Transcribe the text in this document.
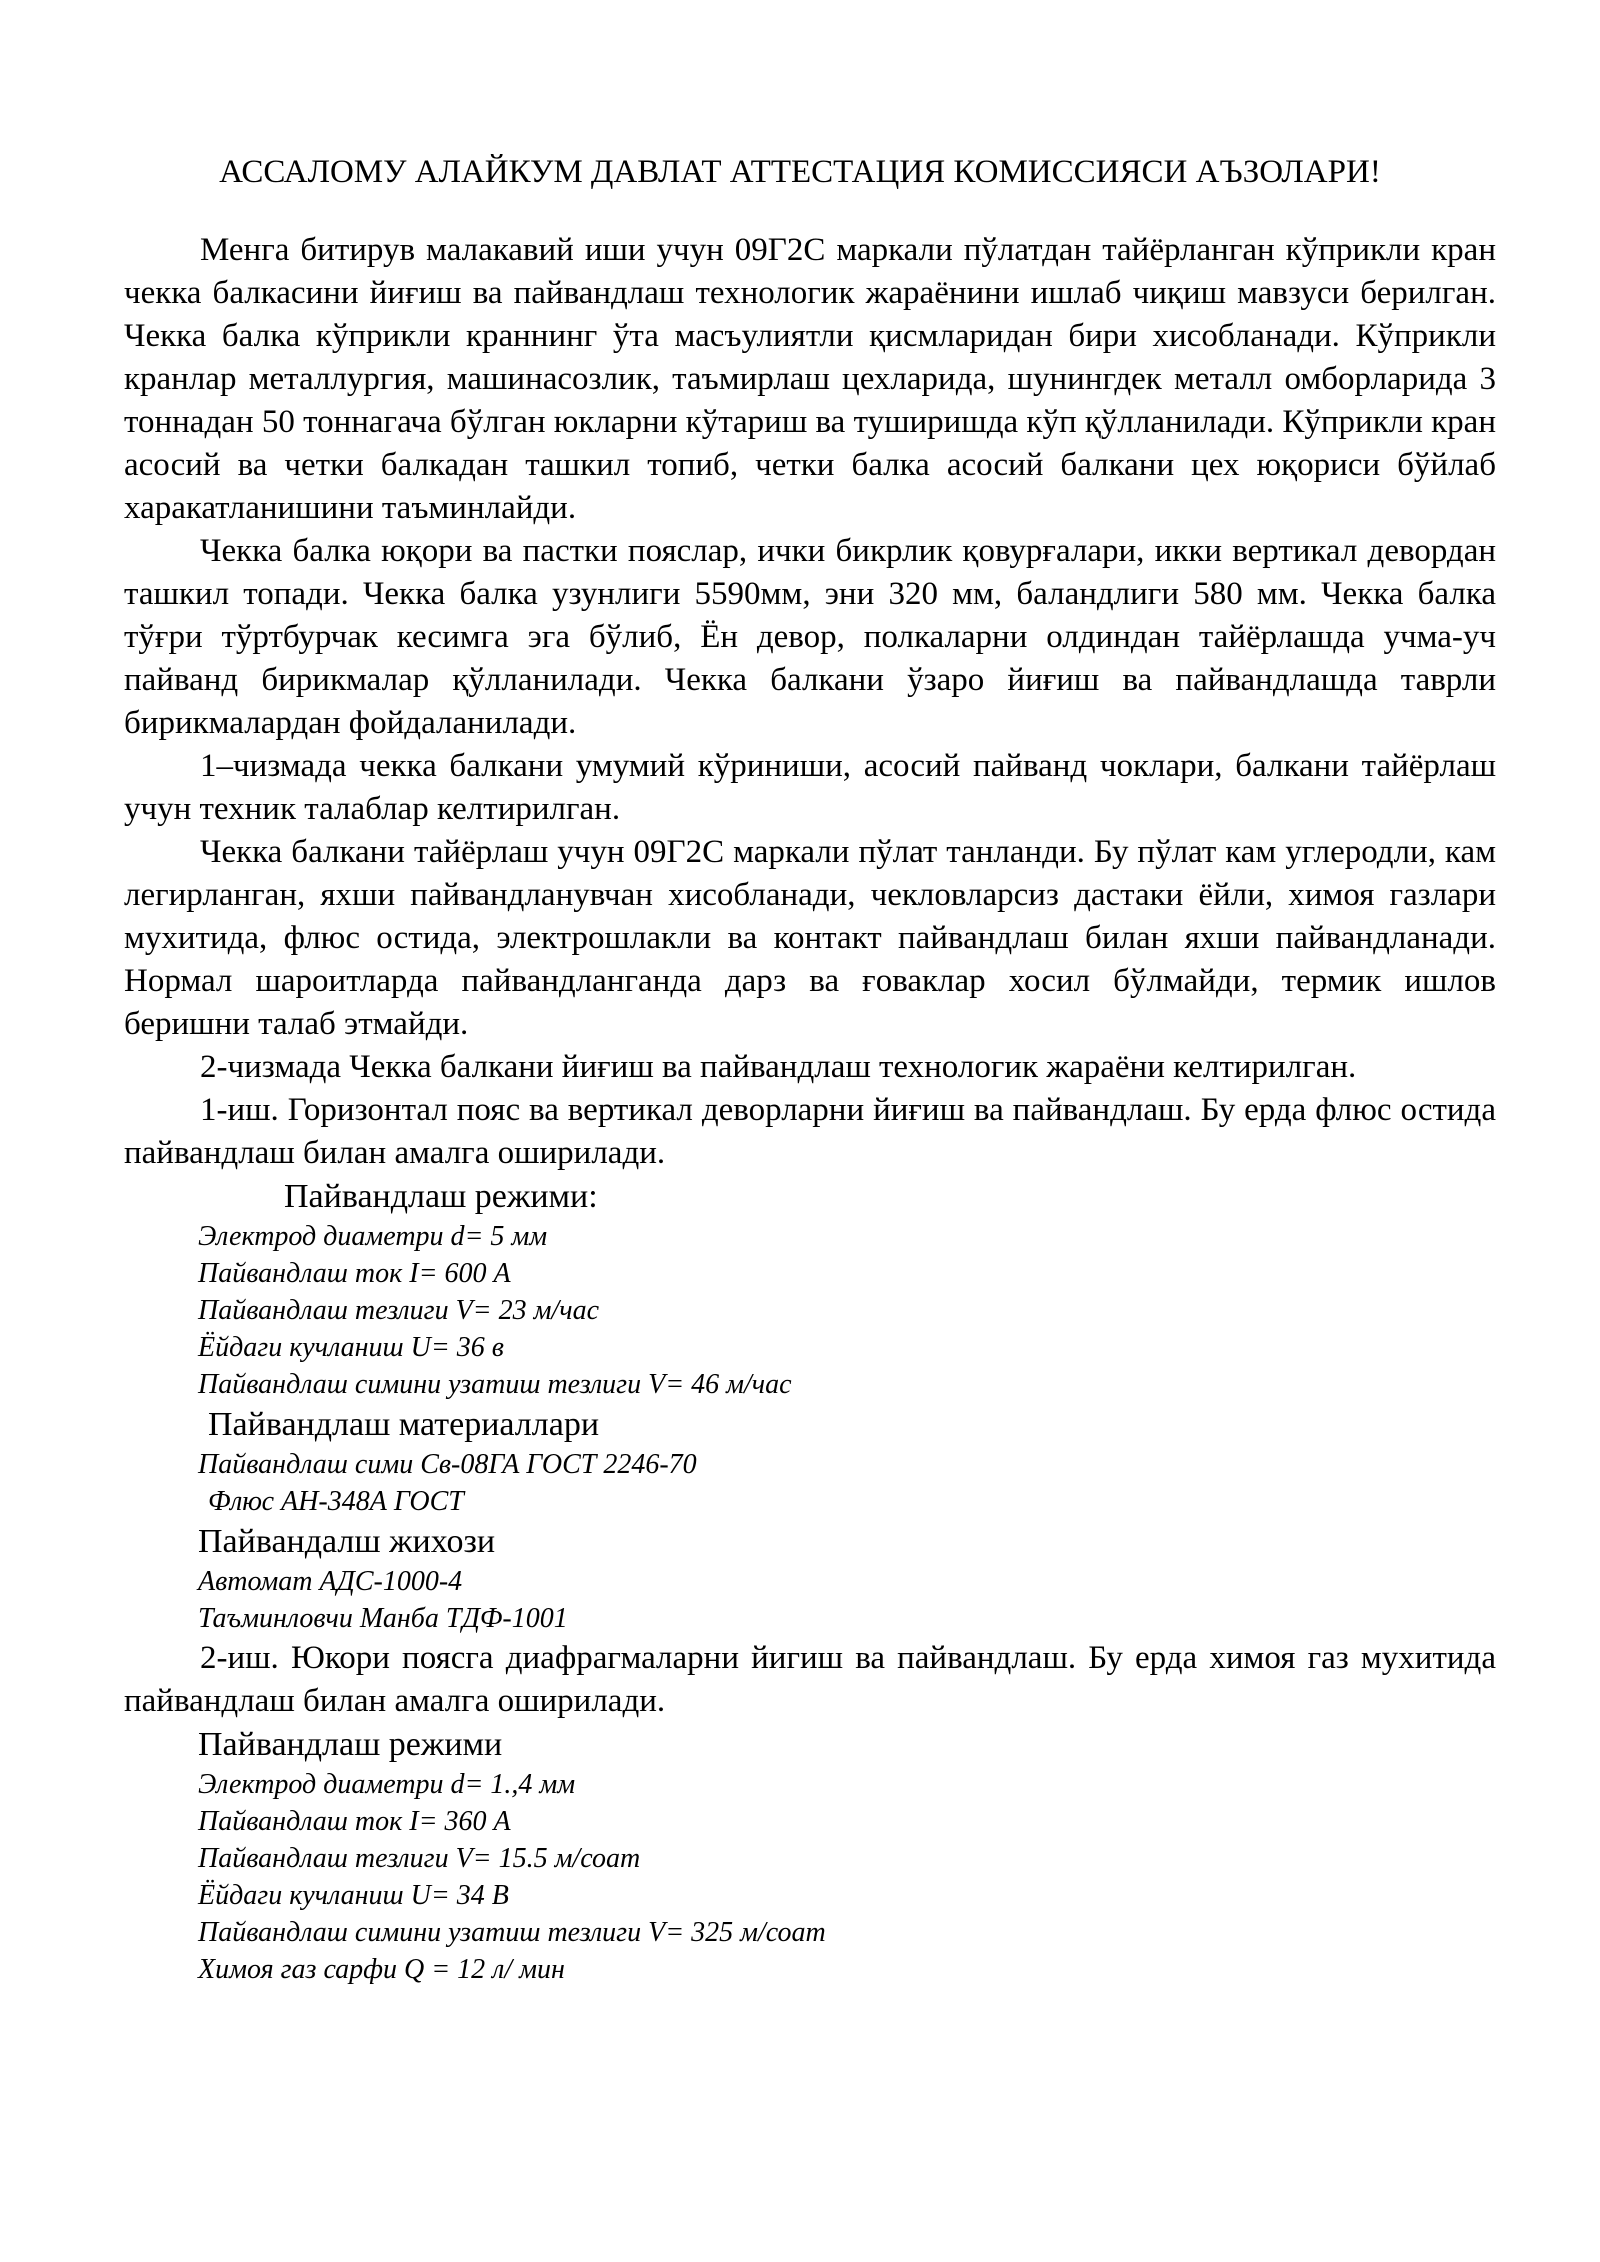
АССАЛОМУ АЛАЙКУМ ДАВЛАТ АТТЕСТАЦИЯ КОМИССИЯСИ АЪЗОЛАРИ!

Менга битирув малакавий иши учун 09Г2С маркали пўлатдан тайёрланган кўприкли кран чекка балкасини йиғиш ва пайвандлаш технологик жараёнини ишлаб чиқиш мавзуси берилган. Чекка балка кўприкли краннинг ўта масъулиятли қисмларидан бири хисобланади. Кўприкли кранлар металлургия, машинасозлик, таъмирлаш цехларида, шунингдек металл омборларида 3 тоннадан 50 тоннагача бўлган юкларни кўтариш ва туширишда кўп қўлланилади. Кўприкли кран асосий ва четки балкадан ташкил топиб, четки балка асосий балкани цех юқориси бўйлаб харакатланишини таъминлайди.

Чекка балка юқори ва пастки пояслар, ички бикрлик қовурғалари, икки вертикал девордан ташкил топади. Чекка балка узунлиги 5590мм, эни 320 мм, баландлиги 580 мм. Чекка балка тўғри тўртбурчак кесимга эга бўлиб, Ён девор, полкаларни олдиндан тайёрлашда учма-уч пайванд бирикмалар қўлланилади. Чекка балкани ўзаро йиғиш ва пайвандлашда таврли бирикмалардан фойдаланилади.

1–чизмада чекка балкани умумий кўриниши, асосий пайванд чоклари, балкани тайёрлаш учун техник талаблар келтирилган.

Чекка балкани тайёрлаш учун 09Г2С маркали пўлат танланди. Бу пўлат кам углеродли, кам легирланган, яхши пайвандланувчан хисобланади, чекловларсиз дастаки ёйли, химоя газлари мухитида, флюс остида, электрошлакли ва контакт пайвандлаш билан яхши пайвандланади. Нормал шароитларда пайвандланганда дарз ва ғоваклар хосил бўлмайди, термик ишлов беришни талаб этмайди.

2-чизмада Чекка балкани йиғиш ва пайвандлаш технологик жараёни келтирилган.

1-иш. Горизонтал пояс ва вертикал деворларни йиғиш ва пайвандлаш. Бу ерда флюс остида пайвандлаш билан амалга оширилади.

Пайвандлаш режими:

Электрод диаметри d= 5 мм

Пайвандлаш ток I= 600 А

Пайвандлаш тезлиги V= 23 м/час

Ёйдаги кучланиш U= 36 в

Пайвандлаш симини узатиш тезлиги V= 46 м/час

Пайвандлаш материаллари

Пайвандлаш сими Св-08ГА ГОСТ 2246-70

Флюс АН-348А ГОСТ

Пайвандалш жихози

Автомат АДС-1000-4

Таъминловчи Манба ТДФ-1001

2-иш. Юкори поясга диафрагмаларни йигиш ва пайвандлаш. Бу ерда химоя газ мухитида пайвандлаш билан амалга оширилади.

Пайвандлаш режими

Электрод диаметри d= 1.,4 мм

Пайвандлаш ток I= 360 А

Пайвандлаш тезлиги V= 15.5 м/соат

Ёйдаги кучланиш U= 34 В

Пайвандлаш симини узатиш тезлиги V= 325 м/соат

Химоя газ сарфи Q = 12 л/ мин
